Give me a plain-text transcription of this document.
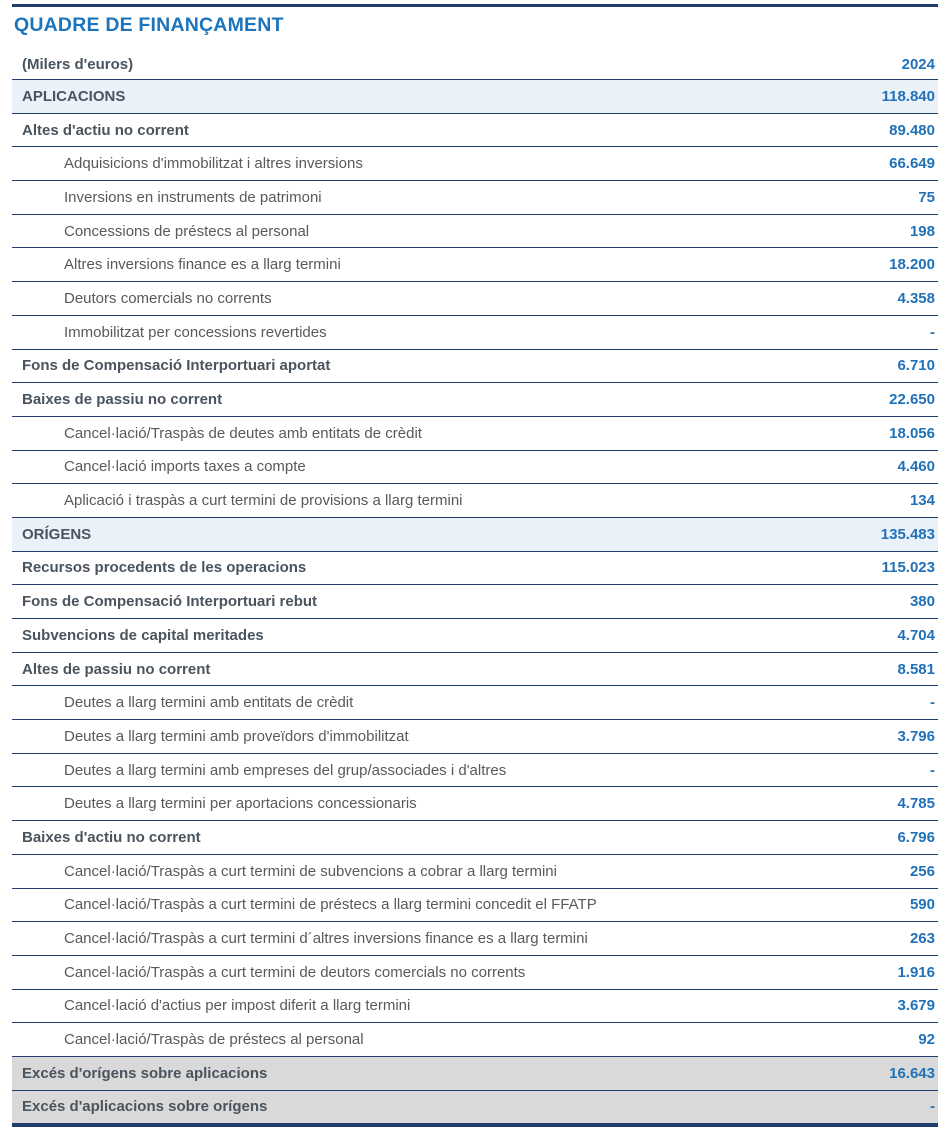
QUADRE DE FINANÇAMENT
(Milers d'euros)	2024
APLICACIONS	118.840
Altes d'actiu no corrent	89.480
Adquisicions d'immobilitzat i altres inversions	66.649
Inversions en instruments de patrimoni	75
Concessions de préstecs al personal	198
Altres inversions finance es a llarg termini	18.200
Deutors comercials no corrents	4.358
Immobilitzat per concessions revertides	-
Fons de Compensació Interportuari aportat	6.710
Baixes de passiu no corrent	22.650
Cancel·lació/Traspàs de deutes amb entitats de crèdit	18.056
Cancel·lació imports taxes a compte	4.460
Aplicació i traspàs a curt termini de provisions a llarg termini	134
ORÍGENS	135.483
Recursos procedents de les operacions	115.023
Fons de Compensació Interportuari rebut	380
Subvencions de capital meritades	4.704
Altes de passiu no corrent	8.581
Deutes a llarg termini amb entitats de crèdit	-
Deutes a llarg termini amb proveïdors d'immobilitzat	3.796
Deutes a llarg termini amb empreses del grup/associades i d'altres	-
Deutes a llarg termini per aportacions concessionaris	4.785
Baixes d'actiu no corrent	6.796
Cancel·lació/Traspàs a curt termini de subvencions a cobrar a llarg termini	256
Cancel·lació/Traspàs a curt termini de préstecs a llarg termini concedit el FFATP	590
Cancel·lació/Traspàs a curt termini d´altres inversions finance es a llarg termini	263
Cancel·lació/Traspàs a curt termini de deutors comercials no corrents	1.916
Cancel·lació d'actius per impost diferit a llarg termini	3.679
Cancel·lació/Traspàs de préstecs al personal	92
Excés d'orígens sobre aplicacions	16.643
Excés d'aplicacions sobre orígens	-
